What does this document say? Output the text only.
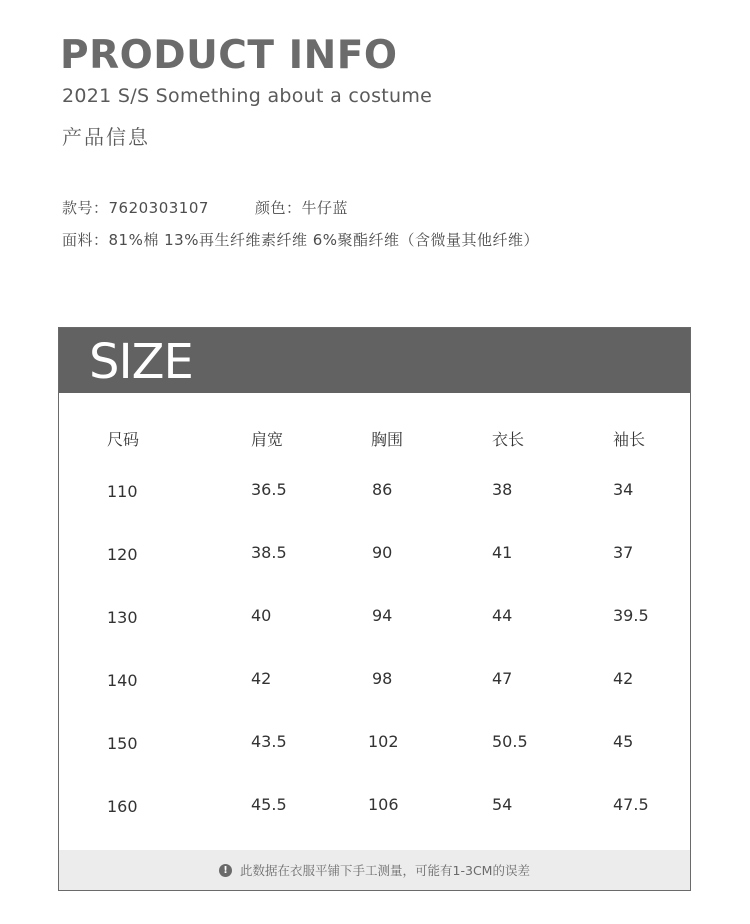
PRODUCT INFO
2021 S/S Something about a costume
产品信息
款号：7620303107	颜色：牛仔蓝
面料：81%棉 13%再生纤维素纤维 6%聚酯纤维（含微量其他纤维）
SIZE
尺码	肩宽	胸围	衣长	袖长
110	36.5	86	38	34
120	38.5	90	41	37
130	40	94	44	39.5
140	42	98	47	42
150	43.5	102	50.5	45
160	45.5	106	54	47.5
! 此数据在衣服平铺下手工测量，可能有1-3CM的误差
